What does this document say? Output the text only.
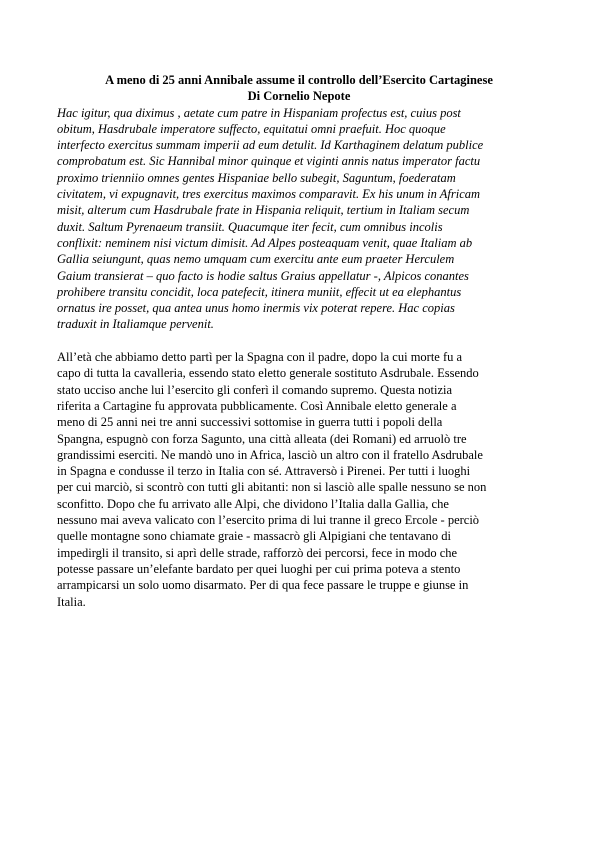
A meno di 25 anni Annibale assume il controllo dell’Esercito Cartaginese
Di Cornelio Nepote
Hac igitur, qua diximus , aetate cum patre in Hispaniam profectus est, cuius post
obitum, Hasdrubale imperatore suffecto, equitatui omni praefuit. Hoc quoque
interfecto exercitus summam imperii ad eum detulit. Id Karthaginem delatum publice
comprobatum est. Sic Hannibal minor quinque et viginti annis natus imperator factu
proximo trienniio omnes gentes Hispaniae bello subegit, Saguntum, foederatam
civitatem, vi expugnavit, tres exercitus maximos comparavit. Ex his unum in Africam
misit, alterum cum Hasdrubale frate in Hispania reliquit, tertium in Italiam secum
duxit. Saltum Pyrenaeum transiit. Quacumque iter fecit, cum omnibus incolis
conflixit: neminem nisi victum dimisit. Ad Alpes posteaquam venit, quae Italiam ab
Gallia seiungunt, quas nemo umquam cum exercitu ante eum praeter Herculem
Gaium transierat – quo facto is hodie saltus Graius appellatur -, Alpicos conantes
prohibere transitu concidit, loca patefecit, itinera muniit, effecit ut ea elephantus
ornatus ire posset, qua antea unus homo inermis vix poterat repere. Hac copias
traduxit in Italiamque pervenit.
All’età che abbiamo detto partì per la Spagna con il padre, dopo la cui morte fu a
capo di tutta la cavalleria, essendo stato eletto generale sostituto Asdrubale. Essendo
stato ucciso anche lui l’esercito gli conferì il comando supremo. Questa notizia
riferita a Cartagine fu approvata pubblicamente. Così Annibale eletto generale a
meno di 25 anni nei tre anni successivi sottomise in guerra tutti i popoli della
Spangna, espugnò con forza Sagunto, una città alleata (dei Romani) ed arruolò tre
grandissimi eserciti. Ne mandò uno in Africa, lasciò un altro con il fratello Asdrubale
in Spagna e condusse il terzo in Italia con sé. Attraversò i Pirenei. Per tutti i luoghi
per cui marciò, si scontrò con tutti gli abitanti: non si lasciò alle spalle nessuno se non
sconfitto. Dopo che fu arrivato alle Alpi, che dividono l’Italia dalla Gallia, che
nessuno mai aveva valicato con l’esercito prima di lui tranne il greco Ercole - perciò
quelle montagne sono chiamate graie - massacrò gli Alpigiani che tentavano di
impedirgli il transito, si aprì delle strade, rafforzò dei percorsi, fece in modo che
potesse passare un’elefante bardato per quei luoghi per cui prima poteva a stento
arrampicarsi un solo uomo disarmato. Per di qua fece passare le truppe e giunse in
Italia.
